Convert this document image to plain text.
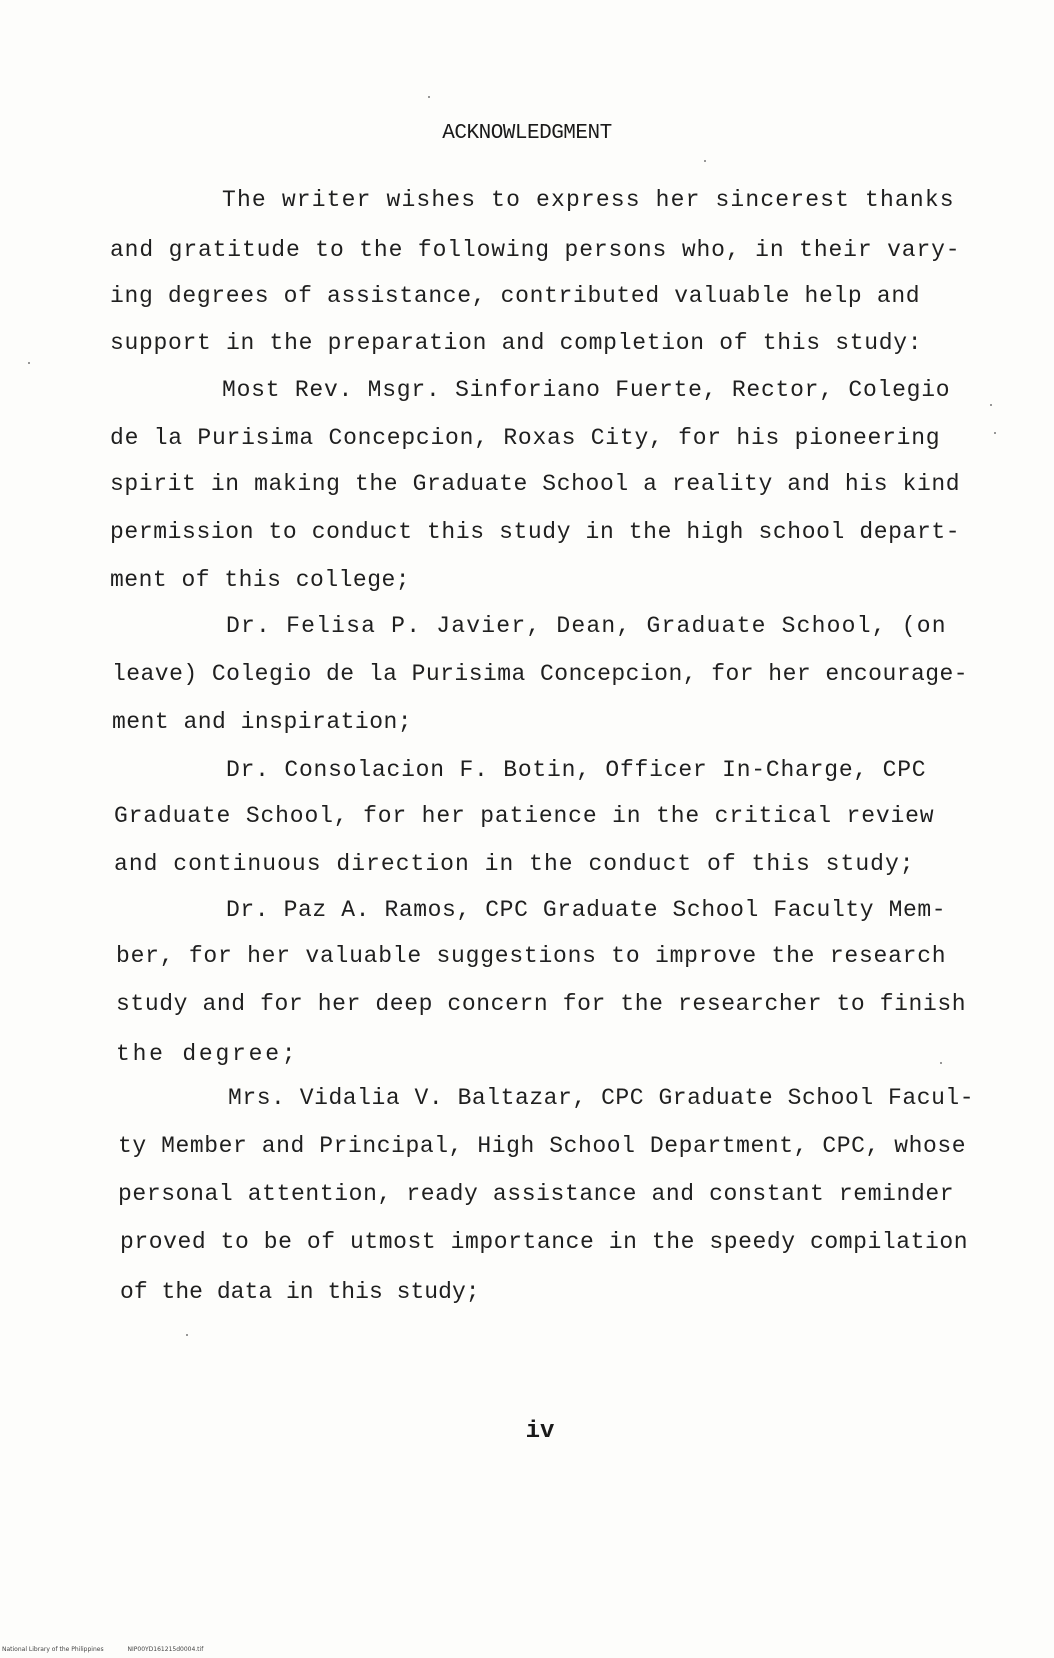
ACKNOWLEDGMENT
The writer wishes to express her sincerest thanks
and gratitude to the following persons who, in their vary-
ing degrees of assistance, contributed valuable help and
support in the preparation and completion of this study:
Most Rev. Msgr. Sinforiano Fuerte, Rector, Colegio
de la Purisima Concepcion, Roxas City, for his pioneering
spirit in making the Graduate School a reality and his kind
permission to conduct this study in the high school depart-
ment of this college;
Dr. Felisa P. Javier, Dean, Graduate School, (on
leave) Colegio de la Purisima Concepcion, for her encourage-
ment and inspiration;
Dr. Consolacion F. Botin, Officer In-Charge, CPC
Graduate School, for her patience in the critical review
and continuous direction in the conduct of this study;
Dr. Paz A. Ramos, CPC Graduate School Faculty Mem-
ber, for her valuable suggestions to improve the research
study and for her deep concern for the researcher to finish
the degree;
Mrs. Vidalia V. Baltazar, CPC Graduate School Facul-
ty Member and Principal, High School Department, CPC, whose
personal attention, ready assistance and constant reminder
proved to be of utmost importance in the speedy compilation
of the data in this study;
iv
National Library of the Philippines	NIP00YD161215d0004.tif
